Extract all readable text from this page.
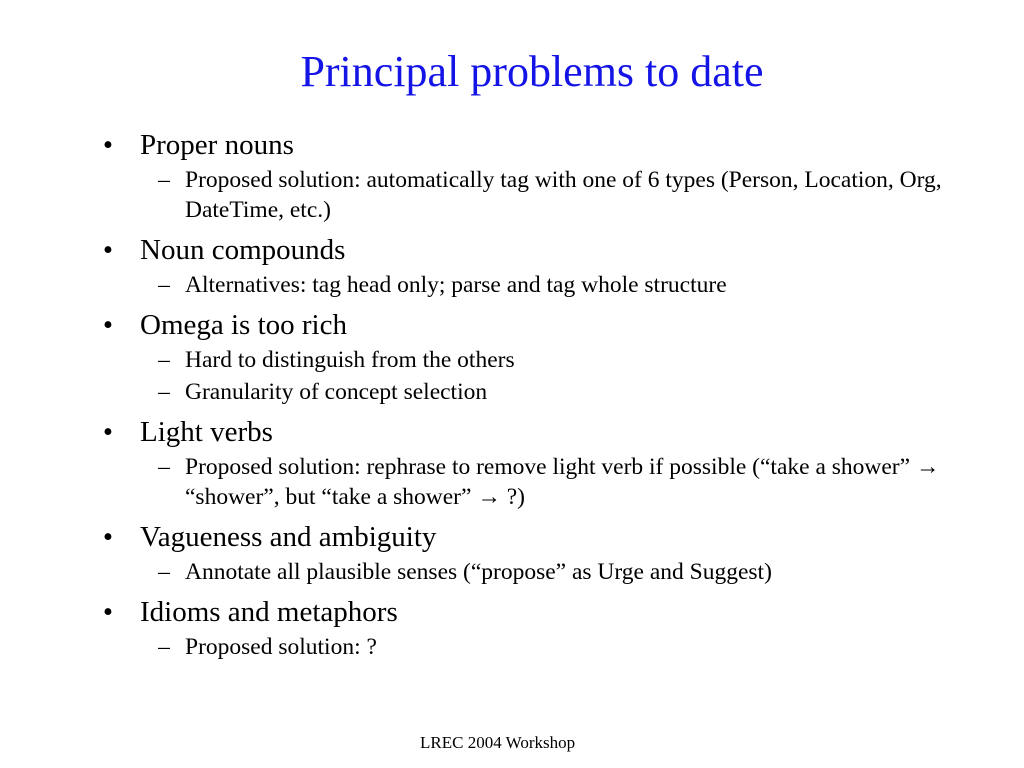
Principal problems to date
• Proper nouns
– Proposed solution: automatically tag with one of 6 types (Person, Location, Org, DateTime, etc.)
• Noun compounds
– Alternatives: tag head only; parse and tag whole structure
• Omega is too rich
– Hard to distinguish from the others
– Granularity of concept selection
• Light verbs
– Proposed solution: rephrase to remove light verb if possible (“take a shower” → “shower”, but “take a shower” → ?)
• Vagueness and ambiguity
– Annotate all plausible senses (“propose” as Urge and Suggest)
• Idioms and metaphors
– Proposed solution: ?
LREC 2004 Workshop
